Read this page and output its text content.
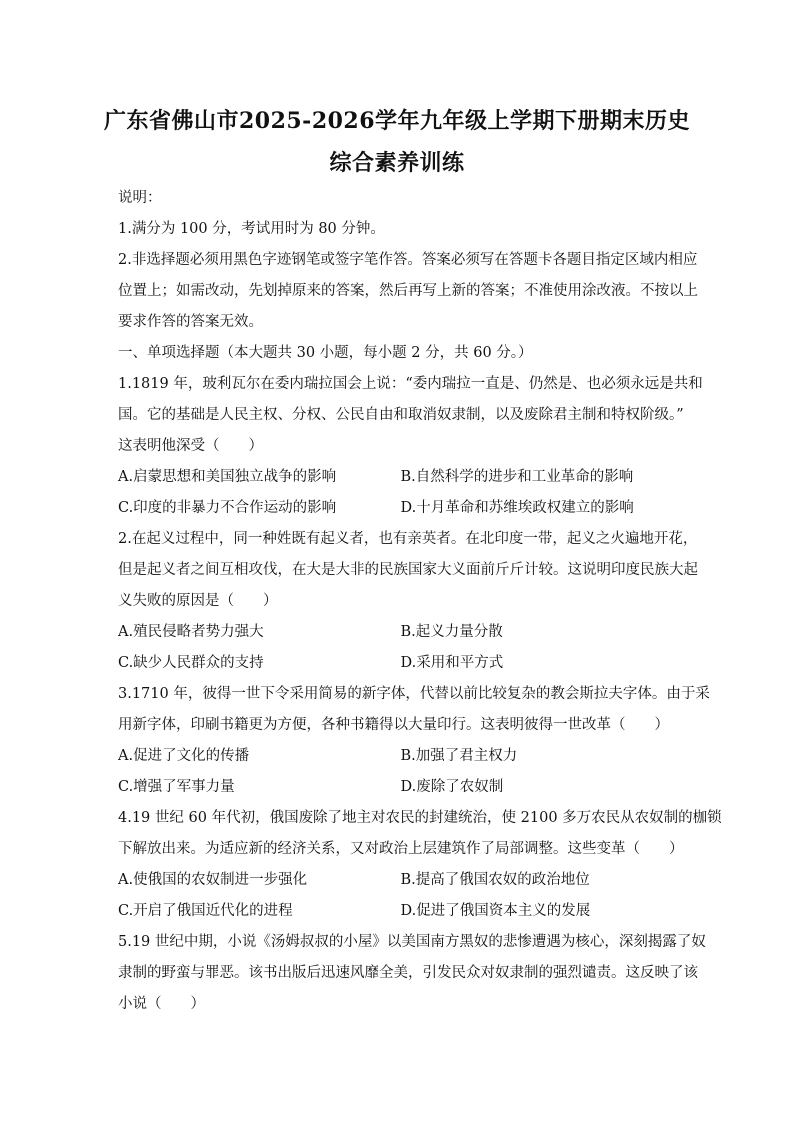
广东省佛山市2025-2026学年九年级上学期下册期末历史
综合素养训练
说明：
1.满分为 100 分，考试用时为 80 分钟。
2.非选择题必须用黑色字迹钢笔或签字笔作答。答案必须写在答题卡各题目指定区域内相应
位置上；如需改动，先划掉原来的答案，然后再写上新的答案；不准使用涂改液。不按以上
要求作答的答案无效。
一、单项选择题（本大题共 30 小题，每小题 2 分，共 60 分。）
1.1819 年，玻利瓦尔在委内瑞拉国会上说：“委内瑞拉一直是、仍然是、也必须永远是共和
国。它的基础是人民主权、分权、公民自由和取消奴隶制，以及废除君主制和特权阶级。”
这表明他深受（　　）
A.启蒙思想和美国独立战争的影响	B.自然科学的进步和工业革命的影响
C.印度的非暴力不合作运动的影响	D.十月革命和苏维埃政权建立的影响
2.在起义过程中，同一种姓既有起义者，也有亲英者。在北印度一带，起义之火遍地开花，
但是起义者之间互相攻伐，在大是大非的民族国家大义面前斤斤计较。这说明印度民族大起
义失败的原因是（　　）
A.殖民侵略者势力强大	B.起义力量分散
C.缺少人民群众的支持	D.采用和平方式
3.1710 年，彼得一世下令采用简易的新字体，代替以前比较复杂的教会斯拉夫字体。由于采
用新字体，印刷书籍更为方便，各种书籍得以大量印行。这表明彼得一世改革（　　）
A.促进了文化的传播	B.加强了君主权力
C.增强了军事力量	D.废除了农奴制
4.19 世纪 60 年代初，俄国废除了地主对农民的封建统治，使 2100 多万农民从农奴制的枷锁
下解放出来。为适应新的经济关系，又对政治上层建筑作了局部调整。这些变革（　　）
A.使俄国的农奴制进一步强化	B.提高了俄国农奴的政治地位
C.开启了俄国近代化的进程	D.促进了俄国资本主义的发展
5.19 世纪中期，小说《汤姆叔叔的小屋》以美国南方黑奴的悲惨遭遇为核心，深刻揭露了奴
隶制的野蛮与罪恶。该书出版后迅速风靡全美，引发民众对奴隶制的强烈谴责。这反映了该
小说（　　）
